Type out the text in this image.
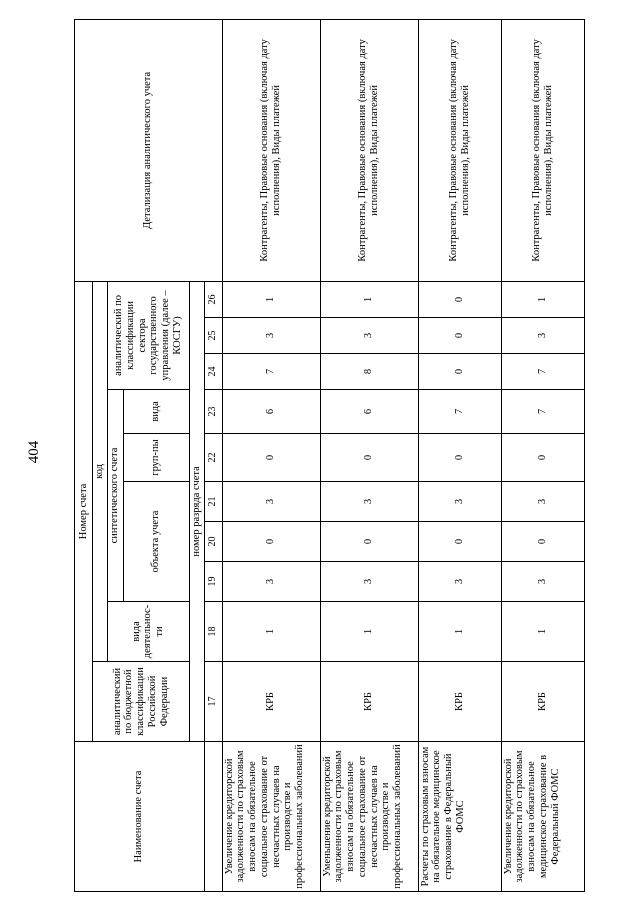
404
Наименование счета	Номер счета										Детализация аналитического учета
	аналитический по бюджетной классификации Российской Федерации	код									
		вида деятельнос-ти	синтетического счета					аналитический по классификации сектора государственного управления (далее – КОСГУ)			
			объекта учета			груп-пы	вида				
	номер разряда счета										
	17	18	19	20	21	22	23	24	25	26	
Увеличение кредиторской задолженности по страховым взносам на обязательное социальное страхование от несчастных случаев на производстве и профессиональных заболеваний	КРБ	1	3	0	3	0	6	7	3	1	Контрагенты, Правовые основания (включая дату исполнения), Виды платежей
Уменьшение кредиторской задолженности по страховым взносам на обязательное социальное страхование от несчастных случаев на производстве и профессиональных заболеваний	КРБ	1	3	0	3	0	6	8	3	1	Контрагенты, Правовые основания (включая дату исполнения), Виды платежей
Расчеты по страховым взносам на обязательное медицинское страхование в Федеральный ФОМС	КРБ	1	3	0	3	0	7	0	0	0	Контрагенты, Правовые основания (включая дату исполнения), Виды платежей
Увеличение кредиторской задолженности по страховым взносам на обязательное медицинское страхование в Федеральный ФОМС	КРБ	1	3	0	3	0	7	7	3	1	Контрагенты, Правовые основания (включая дату исполнения), Виды платежей
